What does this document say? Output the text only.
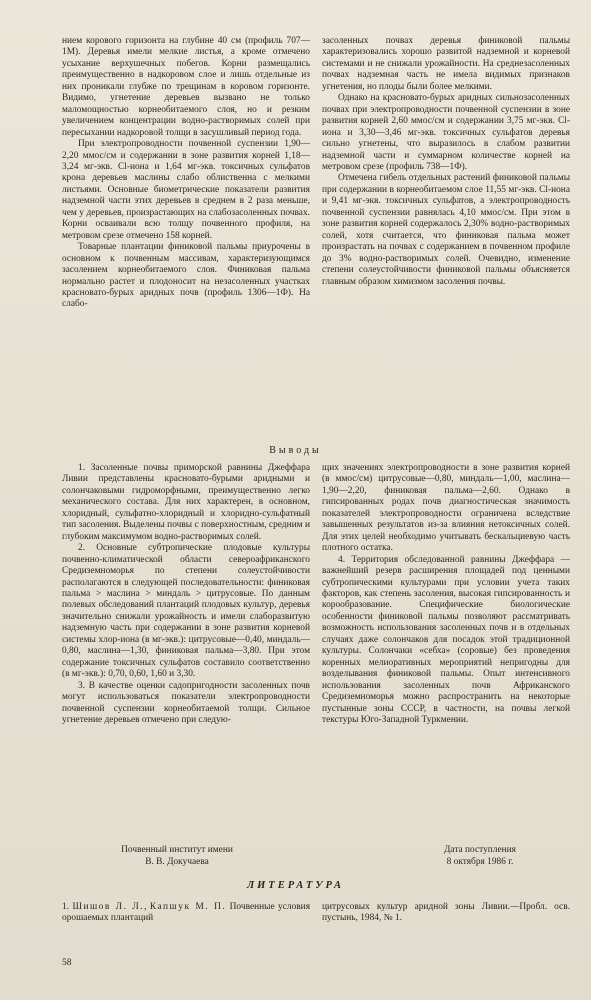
нием корового горизонта на глубине 40 см (профиль 707—1М). Деревья имели мелкие листья, а кроме отмечено усыхание верхушечных побегов. Корни размещались преимущественно в надкоровом слое и лишь отдельные из них проникали глубже по трещинам в коровом горизонте. Видимо, угнетение деревьев вызвано не только маломощностью корнеобитаемого слоя, но и резким увеличением концентрации водно-растворимых солей при пересыхании надкоровой толщи в засушливый период года.

При электропроводности почвенной суспензии 1,90—2,20 ммос/см и содержании в зоне развития корней 1,18—3,24 мг-экв. Cl-иона и 1,64 мг-экв. токсичных сульфатов крона деревьев маслины слабо облиственна с мелкими листьями. Основные биометрические показатели развития надземной части этих деревьев в среднем в 2 раза меньше, чем у деревьев, произрастающих на слабозасоленных почвах. Корни осваивали всю толщу почвенного профиля, на метровом срезе отмечено 158 корней.

Товарные плантации финиковой пальмы приурочены в основном к почвенным массивам, характеризующимся засолением корнеобитаемого слоя. Финиковая пальма нормально растет и плодоносит на незасоленных участках красновато-бурых аридных почв (профиль 1306—1Ф). На слабо-

засоленных почвах деревья финиковой пальмы характеризовались хорошо развитой надземной и корневой системами и не снижали урожайности. На среднезасоленных почвах надземная часть не имела видимых признаков угнетения, но плоды были более мелкими.

Однако на красновато-бурых аридных сильнозасоленных почвах при электропроводности почвенной суспензии в зоне развития корней 2,60 ммос/см и содержании 3,75 мг-экв. Cl-иона и 3,30—3,46 мг-экв. токсичных сульфатов деревья сильно угнетены, что выразилось в слабом развитии надземной части и суммарном количестве корней на метровом срезе (профиль 738—1Ф).

Отмечена гибель отдельных растений финиковой пальмы при содержании в корнеобитаемом слое 11,55 мг-экв. Cl-иона и 9,41 мг-экв. токсичных сульфатов, а электропроводность почвенной суспензии равнялась 4,10 ммос/см. При этом в зоне развития корней содержалось 2,30% водно-растворимых солей, хотя считается, что финиковая пальма может произрастать на почвах с содержанием в почвенном профиле до 3% водно-растворимых солей. Очевидно, изменение степени солеустойчивости финиковой пальмы объясняется главным образом химизмом засоления почвы.

Выводы

1. Засоленные почвы приморской равнины Джеффара Ливии представлены красновато-бурыми аридными и солончаковыми гидроморфными, преимущественно легко механического состава. Для них характерен, в основном, хлоридный, сульфатно-хлоридный и хлоридно-сульфатный тип засоления. Выделены почвы с поверхностным, средним и глубоким максимумом водно-растворимых солей.

2. Основные субтропические плодовые культуры почвенно-климатической области североафриканского Средиземноморья по степени солеустойчивости располагаются в следующей последовательности: финиковая пальма > маслина > миндаль > цитрусовые. По данным полевых обследований плантаций плодовых культур, деревья значительно снижали урожайность и имели слаборазвитую надземную часть при содержании в зоне развития корневой системы хлор-иона (в мг-экв.): цитрусовые—0,40, миндаль—0,80, маслина—1,30, финиковая пальма—3,80. При этом содержание токсичных сульфатов составило соответственно (в мг-экв.): 0,70, 0,60, 1,60 и 3,30.

3. В качестве оценки садопригодности засоленных почв могут использоваться показатели электропроводности почвенной суспензии корнеобитаемой толщи. Сильное угнетение деревьев отмечено при следую-

щих значениях электропроводности в зоне развития корней (в ммос/см) цитрусовые—0,80, миндаль—1,00, маслина—1,90—2,20, финиковая пальма—2,60. Однако в гипсированных родах почв диагностическая значимость показателей электропроводности ограничена вследствие завышенных результатов из-за влияния нетоксичных солей. Для этих целей необходимо учитывать бескальциевую часть плотного остатка.

4. Территория обследованной равнины Джеффара — важнейший резерв расширения площадей под ценными субтропическими культурами при условии учета таких факторов, как степень засоления, высокая гипсированность и корообразование. Специфические биологические особенности финиковой пальмы позволяют рассматривать возможность использования засоленных почв и в отдельных случаях даже солончаков для посадок этой традиционной культуры. Солончаки «себха» (соровые) без проведения коренных мелиоративных мероприятий непригодны для возделывания финиковой пальмы. Опыт интенсивного использования засоленных почв Африканского Средиземноморья можно распространить на некоторые пустынные зоны СССР, в частности, на почвы легкой текстуры Юго-Западной Туркмении.

Почвенный институт имени
В. В. Докучаева
Дата поступления
8 октября 1986 г.
ЛИТЕРАТУРА

1. Шишов Л. Л., Капшук М. П. Почвенные условия орошаемых плантаций

цитрусовых культур аридной зоны Ливии.—Пробл. осв. пустынь, 1984, № 1.

58
